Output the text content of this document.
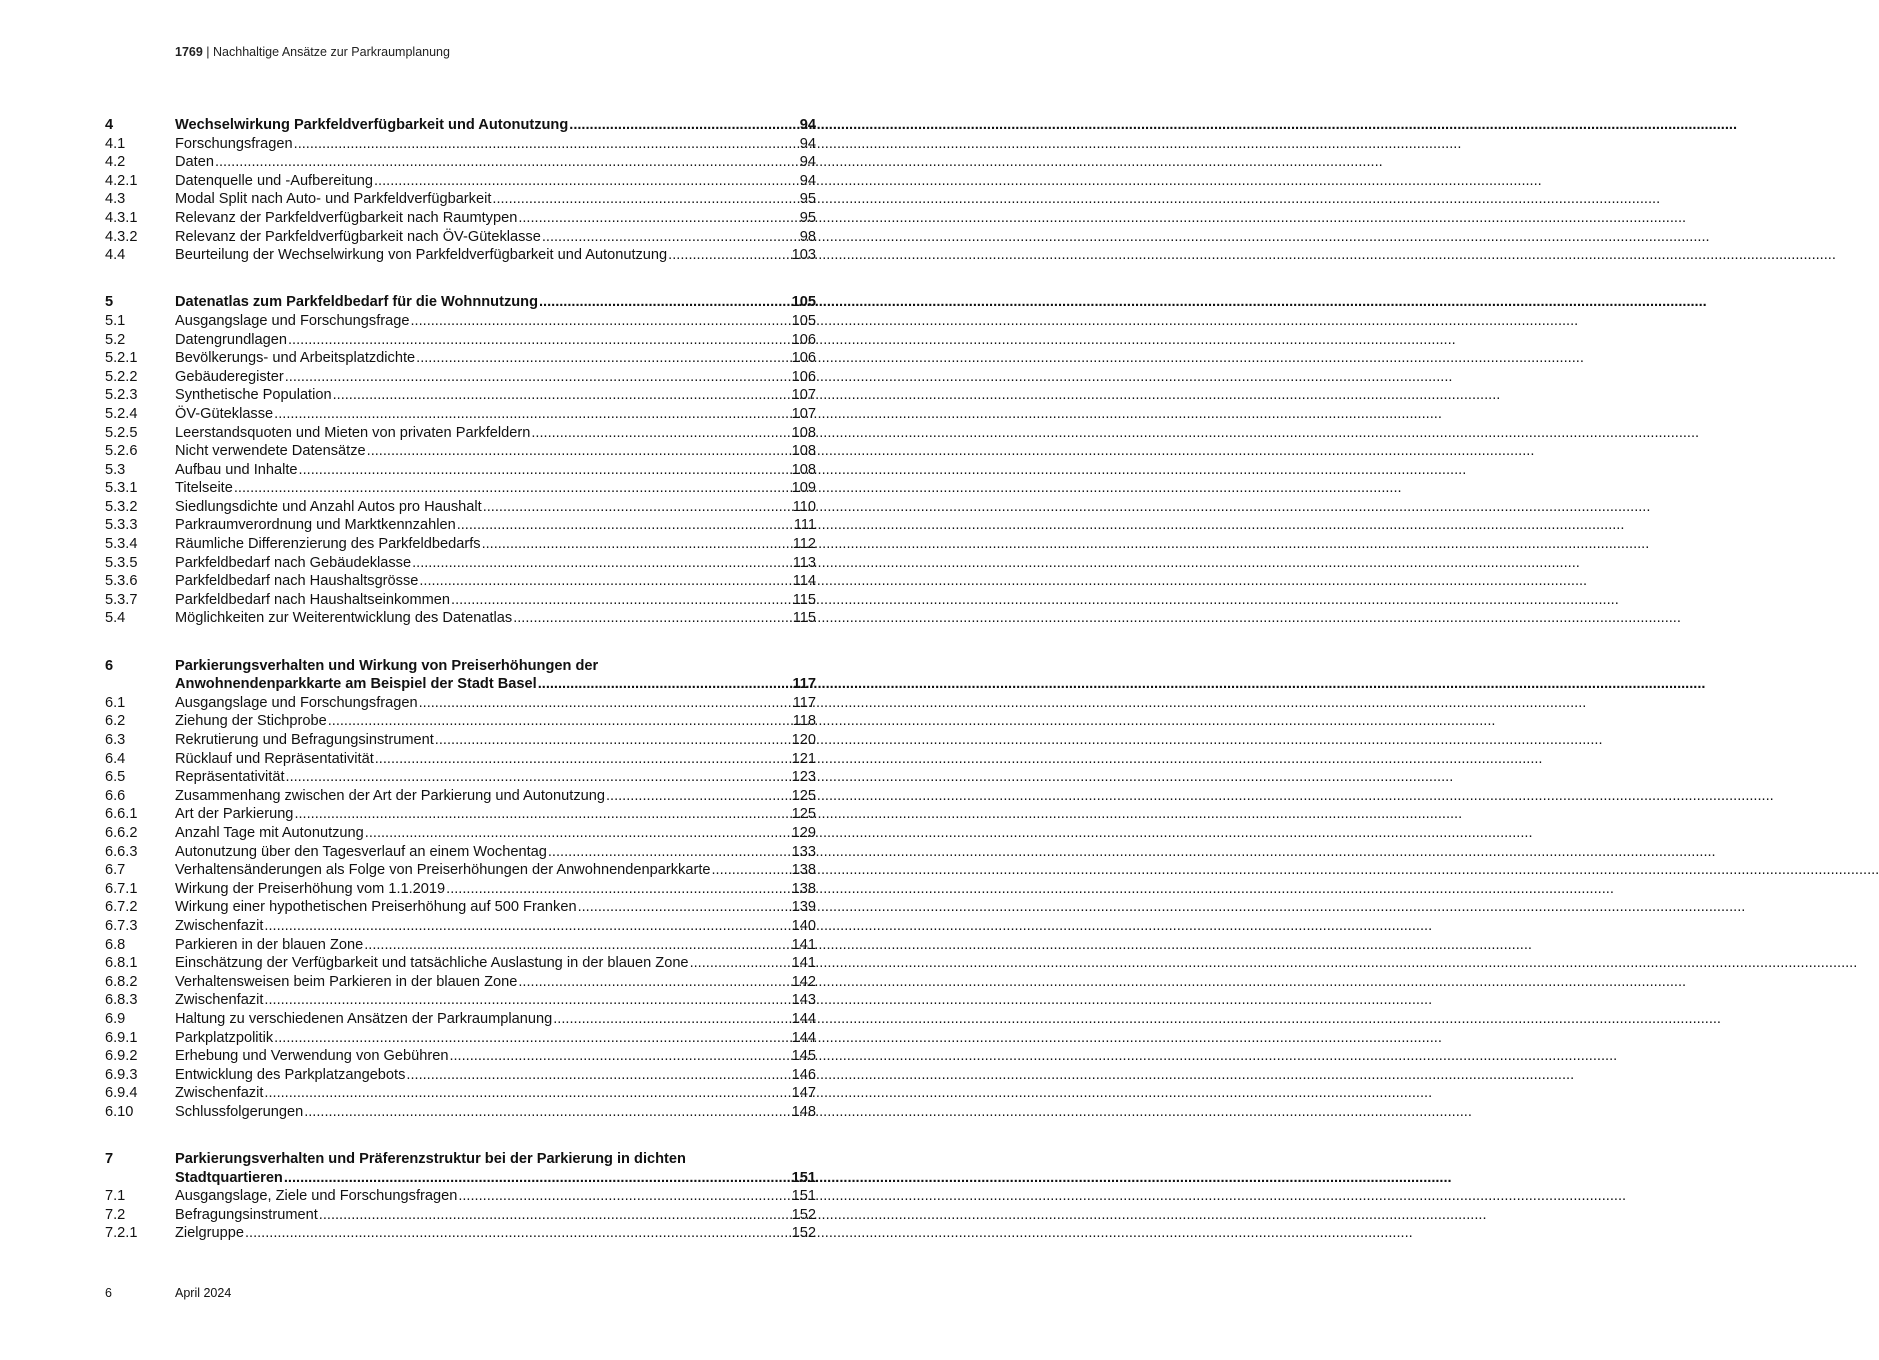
1769 | Nachhaltige Ansätze zur Parkraumplanung
4	Wechselwirkung Parkfeldverfügbarkeit und Autonutzung .....	94
4.1	Forschungsfragen .....	94
4.2	Daten .....	94
4.2.1	Datenquelle und -Aufbereitung .....	94
4.3	Modal Split nach Auto- und Parkfeldverfügbarkeit .....	95
4.3.1	Relevanz der Parkfeldverfügbarkeit nach Raumtypen .....	95
4.3.2	Relevanz der Parkfeldverfügbarkeit nach ÖV-Güteklasse .....	98
4.4	Beurteilung der Wechselwirkung von Parkfeldverfügbarkeit und Autonutzung .....	103
5	Datenatlas zum Parkfeldbedarf für die Wohnnutzung .....	105
5.1	Ausgangslage und Forschungsfrage .....	105
5.2	Datengrundlagen .....	106
5.2.1	Bevölkerungs- und Arbeitsplatzdichte .....	106
5.2.2	Gebäuderegister .....	106
5.2.3	Synthetische Population .....	107
5.2.4	ÖV-Güteklasse .....	107
5.2.5	Leerstandsquoten und Mieten von privaten Parkfeldern .....	108
5.2.6	Nicht verwendete Datensätze .....	108
5.3	Aufbau und Inhalte .....	108
5.3.1	Titelseite .....	109
5.3.2	Siedlungsdichte und Anzahl Autos pro Haushalt .....	110
5.3.3	Parkraumverordnung und Marktkennzahlen .....	111
5.3.4	Räumliche Differenzierung des Parkfeldbedarfs .....	112
5.3.5	Parkfeldbedarf nach Gebäudeklasse .....	113
5.3.6	Parkfeldbedarf nach Haushaltsgrösse .....	114
5.3.7	Parkfeldbedarf nach Haushaltseinkommen .....	115
5.4	Möglichkeiten zur Weiterentwicklung des Datenatlas .....	115
6	Parkierungsverhalten und Wirkung von Preiserhöhungen der
Anwohnendenparkkarte am Beispiel der Stadt Basel .....	117
6.1	Ausgangslage und Forschungsfragen .....	117
6.2	Ziehung der Stichprobe .....	118
6.3	Rekrutierung und Befragungsinstrument .....	120
6.4	Rücklauf und Repräsentativität .....	121
6.5	Repräsentativität .....	123
6.6	Zusammenhang zwischen der Art der Parkierung und Autonutzung .....	125
6.6.1	Art der Parkierung .....	125
6.6.2	Anzahl Tage mit Autonutzung .....	129
6.6.3	Autonutzung über den Tagesverlauf an einem Wochentag .....	133
6.7	Verhaltensänderungen als Folge von Preiserhöhungen der Anwohnendenparkkarte .....	138
6.7.1	Wirkung der Preiserhöhung vom 1.1.2019 .....	138
6.7.2	Wirkung einer hypothetischen Preiserhöhung auf 500 Franken .....	139
6.7.3	Zwischenfazit .....	140
6.8	Parkieren in der blauen Zone .....	141
6.8.1	Einschätzung der Verfügbarkeit und tatsächliche Auslastung in der blauen Zone .....	141
6.8.2	Verhaltensweisen beim Parkieren in der blauen Zone .....	142
6.8.3	Zwischenfazit .....	143
6.9	Haltung zu verschiedenen Ansätzen der Parkraumplanung .....	144
6.9.1	Parkplatzpolitik .....	144
6.9.2	Erhebung und Verwendung von Gebühren .....	145
6.9.3	Entwicklung des Parkplatzangebots .....	146
6.9.4	Zwischenfazit .....	147
6.10	Schlussfolgerungen .....	148
7	Parkierungsverhalten und Präferenzstruktur bei der Parkierung in dichten
Stadtquartieren .....	151
7.1	Ausgangslage, Ziele und Forschungsfragen .....	151
7.2	Befragungsinstrument .....	152
7.2.1	Zielgruppe .....	152
6	April 2024
